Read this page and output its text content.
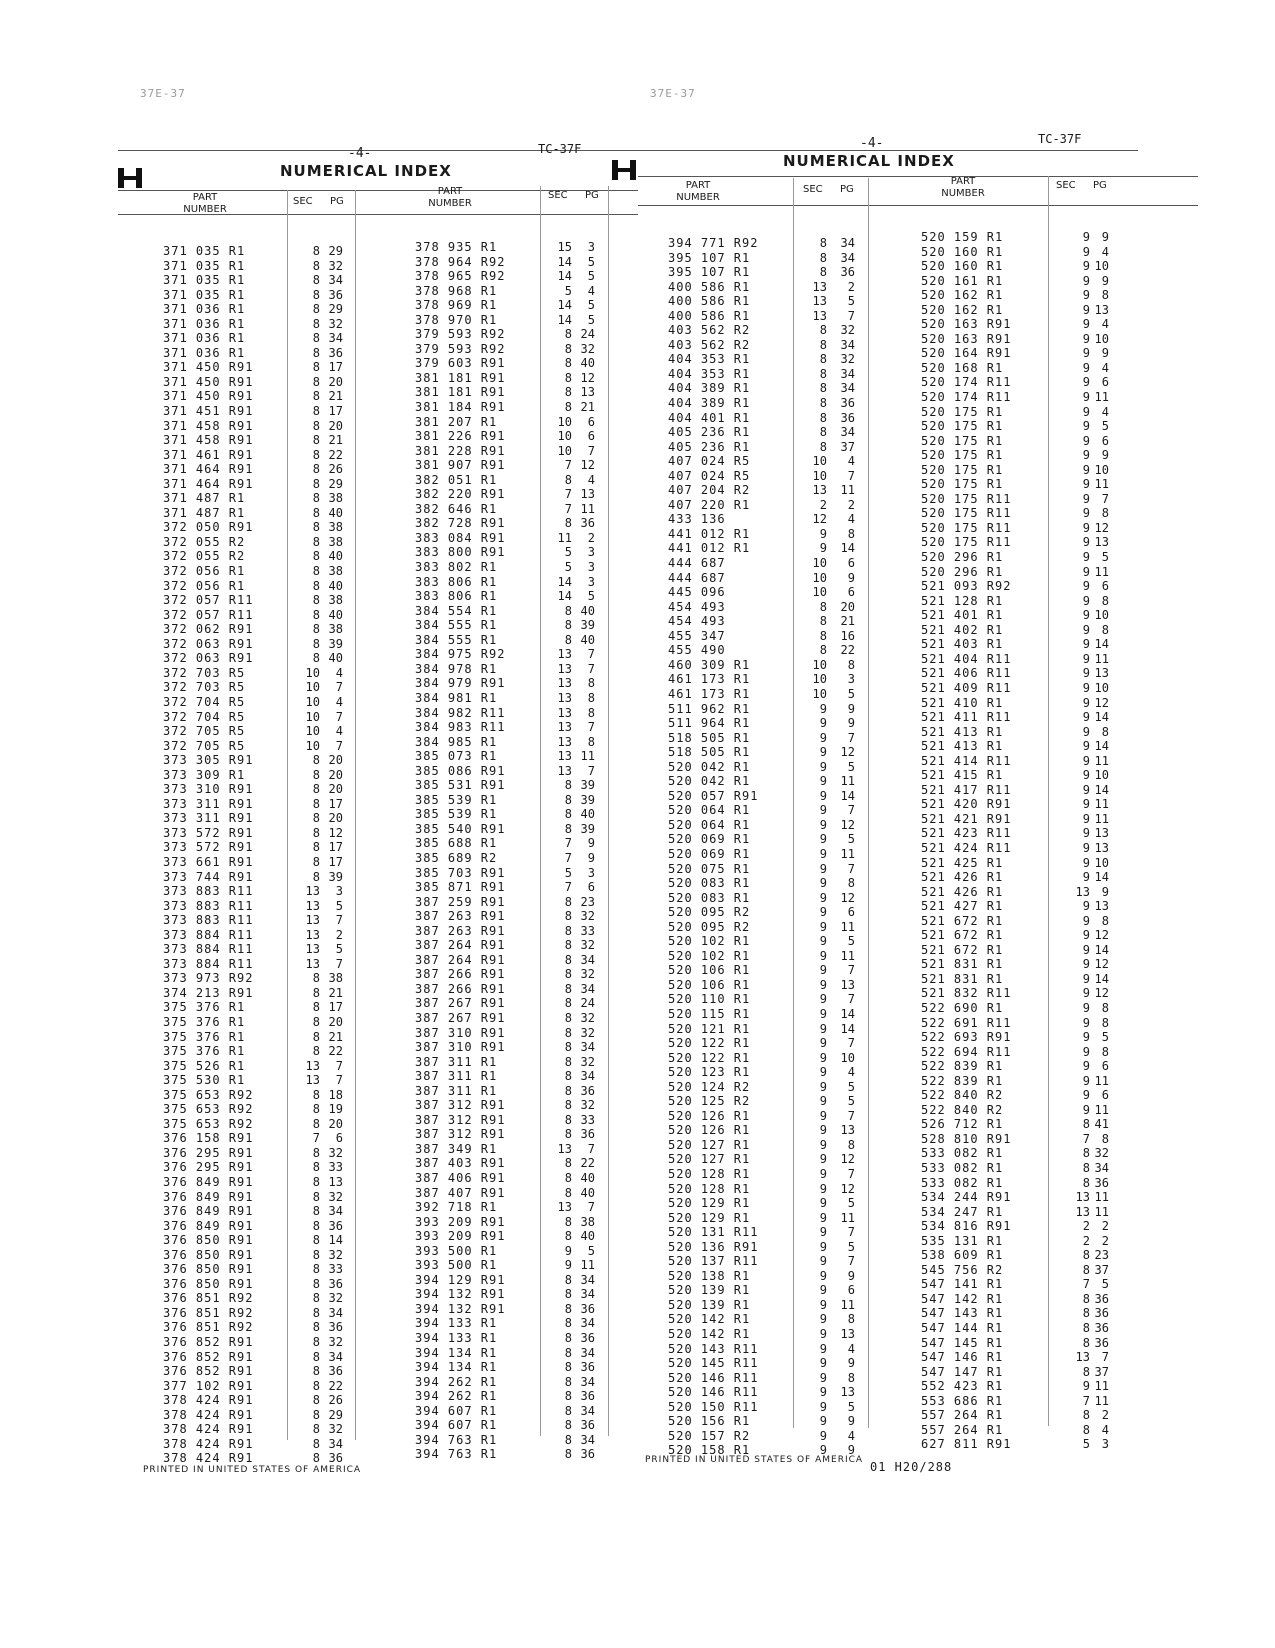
37E-37	37E-37
NUMERICAL INDEX
-4-	TC-37F
PART
NUMBER
SEC PG
PART
NUMBER
SEC PG
371 035 R1	8 29
371 035 R1	8 32
371 035 R1	8 34
371 035 R1	8 36
371 036 R1	8 29
371 036 R1	8 32
371 036 R1	8 34
371 036 R1	8 36
371 450 R91	8 17
371 450 R91	8 20
371 450 R91	8 21
371 451 R91	8 17
371 458 R91	8 20
371 458 R91	8 21
371 461 R91	8 22
371 464 R91	8 26
371 464 R91	8 29
371 487 R1	8 38
371 487 R1	8 40
372 050 R91	8 38
372 055 R2	8 38
372 055 R2	8 40
372 056 R1	8 38
372 056 R1	8 40
372 057 R11	8 38
372 057 R11	8 40
372 062 R91	8 38
372 063 R91	8 39
372 063 R91	8 40
372 703 R5	10	4
372 703 R5	10	7
372 704 R5	10	4
372 704 R5	10	7
372 705 R5	10	4
372 705 R5	10	7
373 305 R91	8 20
373 309 R1	8 20
373 310 R91	8 20
373 311 R91	8 17
373 311 R91	8 20
373 572 R91	8 12
373 572 R91	8 17
373 661 R91	8 17
373 744 R91	8 39
373 883 R11	13	3
373 883 R11	13	5
373 883 R11	13	7
373 884 R11	13	2
373 884 R11	13	5
373 884 R11	13	7
373 973 R92	8 38
374 213 R91	8 21
375 376 R1	8 17
375 376 R1	8 20
375 376 R1	8 21
375 376 R1	8 22
375 526 R1	13	7
375 530 R1	13	7
375 653 R92	8 18
375 653 R92	8 19
375 653 R92	8 20
376 158 R91	7	6
376 295 R91	8 32
376 295 R91	8 33
376 849 R91	8 13
376 849 R91	8 32
376 849 R91	8 34
376 849 R91	8 36
376 850 R91	8 14
376 850 R91	8 32
376 850 R91	8 33
376 850 R91	8 36
376 851 R92	8 32
376 851 R92	8 34
376 851 R92	8 36
376 852 R91	8 32
376 852 R91	8 34
376 852 R91	8 36
377 102 R91	8 22
378 424 R91	8 26
378 424 R91	8 29
378 424 R91	8 32
378 424 R91	8 34
378 424 R91	8 36
378 935 R1	15	3
378 964 R92	14	5
378 965 R92	14	5
378 968 R1	5	4
378 969 R1	14	5
378 970 R1	14	5
379 593 R92	8 24
379 593 R92	8 32
379 603 R91	8 40
381 181 R91	8 12
381 181 R91	8 13
381 184 R91	8 21
381 207 R1	10	6
381 226 R91	10	6
381 228 R91	10	7
381 907 R91	7 12
382 051 R1	8	4
382 220 R91	7 13
382 646 R1	7 11
382 728 R91	8 36
383 084 R91	11	2
383 800 R91	5	3
383 802 R1	5	3
383 806 R1	14	3
383 806 R1	14	5
384 554 R1	8 40
384 555 R1	8 39
384 555 R1	8 40
384 975 R92	13	7
384 978 R1	13	7
384 979 R91	13	8
384 981 R1	13	8
384 982 R11	13	8
384 983 R11	13	7
384 985 R1	13	8
385 073 R1	13 11
385 086 R91	13	7
385 531 R91	8 39
385 539 R1	8 39
385 539 R1	8 40
385 540 R91	8 39
385 688 R1	7	9
385 689 R2	7	9
385 703 R91	5	3
385 871 R91	7	6
387 259 R91	8 23
387 263 R91	8 32
387 263 R91	8 33
387 264 R91	8 32
387 264 R91	8 34
387 266 R91	8 32
387 266 R91	8 34
387 267 R91	8 24
387 267 R91	8 32
387 310 R91	8 32
387 310 R91	8 34
387 311 R1	8 32
387 311 R1	8 34
387 311 R1	8 36
387 312 R91	8 32
387 312 R91	8 33
387 312 R91	8 36
387 349 R1	13	7
387 403 R91	8 22
387 406 R91	8 40
387 407 R91	8 40
392 718 R1	13	7
393 209 R91	8 38
393 209 R91	8 40
393 500 R1	9	5
393 500 R1	9 11
394 129 R91	8 34
394 132 R91	8 34
394 132 R91	8 36
394 133 R1	8 34
394 133 R1	8 36
394 134 R1	8 34
394 134 R1	8 36
394 262 R1	8 34
394 262 R1	8 36
394 607 R1	8 34
394 607 R1	8 36
394 763 R1	8 34
394 763 R1	8 36
PRINTED IN UNITED STATES OF AMERICA
NUMERICAL INDEX
-4-	TC-37F
PART
NUMBER
SEC PG
PART
NUMBER
SEC PG
394 771 R92	8	34
395 107 R1	8	34
395 107 R1	8	36
400 586 R1	13	2
400 586 R1	13	5
400 586 R1	13	7
403 562 R2	8	32
403 562 R2	8	34
404 353 R1	8	32
404 353 R1	8	34
404 389 R1	8	34
404 389 R1	8	36
404 401 R1	8	36
405 236 R1	8	34
405 236 R1	8	37
407 024 R5	10	4
407 024 R5	10	7
407 204 R2	13	11
407 220 R1	2	2
433 136	12	4
441 012 R1	9	8
441 012 R1	9	14
444 687	10	6
444 687	10	9
445 096	10	6
454 493	8	20
454 493	8	21
455 347	8	16
455 490	8	22
460 309 R1	10	8
461 173 R1	10	3
461 173 R1	10	5
511 962 R1	9	9
511 964 R1	9	9
518 505 R1	9	7
518 505 R1	9	12
520 042 R1	9	5
520 042 R1	9	11
520 057 R91	9	14
520 064 R1	9	7
520 064 R1	9	12
520 069 R1	9	5
520 069 R1	9	11
520 075 R1	9	7
520 083 R1	9	8
520 083 R1	9	12
520 095 R2	9	6
520 095 R2	9	11
520 102 R1	9	5
520 102 R1	9	11
520 106 R1	9	7
520 106 R1	9	13
520 110 R1	9	7
520 115 R1	9	14
520 121 R1	9	14
520 122 R1	9	7
520 122 R1	9	10
520 123 R1	9	4
520 124 R2	9	5
520 125 R2	9	5
520 126 R1	9	7
520 126 R1	9	13
520 127 R1	9	8
520 127 R1	9	12
520 128 R1	9	7
520 128 R1	9	12
520 129 R1	9	5
520 129 R1	9	11
520 131 R11	9	7
520 136 R91	9	5
520 137 R11	9	7
520 138 R1	9	9
520 139 R1	9	6
520 139 R1	9	11
520 142 R1	9	8
520 142 R1	9	13
520 143 R11	9	4
520 145 R11	9	9
520 146 R11	9	8
520 146 R11	9	13
520 150 R11	9	5
520 156 R1	9	9
520 157 R2	9	4
520 158 R1	9	9
520 159 R1	9 9
520 160 R1	9 4
520 160 R1	9 10
520 161 R1	9 9
520 162 R1	9 8
520 162 R1	9 13
520 163 R91	9 4
520 163 R91	9 10
520 164 R91	9 9
520 168 R1	9 4
520 174 R11	9 6
520 174 R11	9 11
520 175 R1	9 4
520 175 R1	9 5
520 175 R1	9 6
520 175 R1	9 9
520 175 R1	9 10
520 175 R1	9 11
520 175 R11	9 7
520 175 R11	9 8
520 175 R11	9 12
520 175 R11	9 13
520 296 R1	9 5
520 296 R1	9 11
521 093 R92	9 6
521 128 R1	9 8
521 401 R1	9 10
521 402 R1	9 8
521 403 R1	9 14
521 404 R11	9 11
521 406 R11	9 13
521 409 R11	9 10
521 410 R1	9 12
521 411 R11	9 14
521 413 R1	9 8
521 413 R1	9 14
521 414 R11	9 11
521 415 R1	9 10
521 417 R11	9 14
521 420 R91	9 11
521 421 R91	9 11
521 423 R11	9 13
521 424 R11	9 13
521 425 R1	9 10
521 426 R1	9 14
521 426 R1	13 9
521 427 R1	9 13
521 672 R1	9 8
521 672 R1	9 12
521 672 R1	9 14
521 831 R1	9 12
521 831 R1	9 14
521 832 R11	9 12
522 690 R1	9 8
522 691 R11	9 8
522 693 R91	9 5
522 694 R11	9 8
522 839 R1	9 6
522 839 R1	9 11
522 840 R2	9 6
522 840 R2	9 11
526 712 R1	8 41
528 810 R91	7 8
533 082 R1	8 32
533 082 R1	8 34
533 082 R1	8 36
534 244 R91	13 11
534 247 R1	13 11
534 816 R91	2 2
535 131 R1	2 2
538 609 R1	8 23
545 756 R2	8 37
547 141 R1	7 5
547 142 R1	8 36
547 143 R1	8 36
547 144 R1	8 36
547 145 R1	8 36
547 146 R1	13 7
547 147 R1	8 37
552 423 R1	9 11
553 686 R1	7 11
557 264 R1	8 2
557 264 R1	8 4
627 811 R91	5 3
PRINTED IN UNITED STATES OF AMERICA 01 H20/288
